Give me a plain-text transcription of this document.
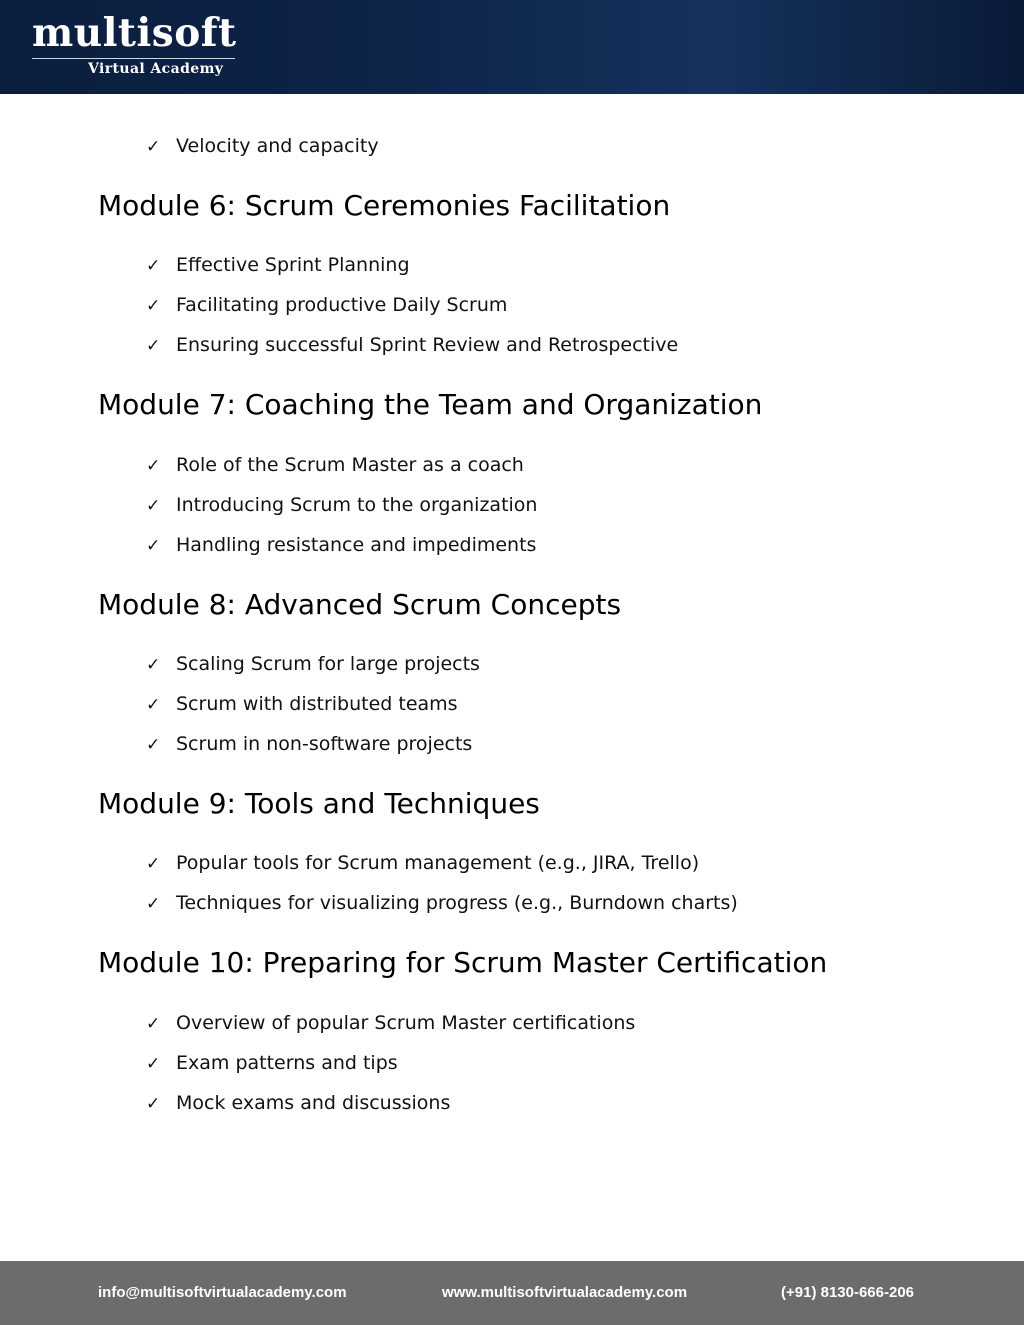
multisoft
Virtual Academy
✓ Velocity and capacity
Module 6: Scrum Ceremonies Facilitation
✓ Effective Sprint Planning
✓ Facilitating productive Daily Scrum
✓ Ensuring successful Sprint Review and Retrospective
Module 7: Coaching the Team and Organization
✓ Role of the Scrum Master as a coach
✓ Introducing Scrum to the organization
✓ Handling resistance and impediments
Module 8: Advanced Scrum Concepts
✓ Scaling Scrum for large projects
✓ Scrum with distributed teams
✓ Scrum in non-software projects
Module 9: Tools and Techniques
✓ Popular tools for Scrum management (e.g., JIRA, Trello)
✓ Techniques for visualizing progress (e.g., Burndown charts)
Module 10: Preparing for Scrum Master Certification
✓ Overview of popular Scrum Master certifications
✓ Exam patterns and tips
✓ Mock exams and discussions
info@multisoftvirtualacademy.com	www.multisoftvirtualacademy.com	(+91) 8130-666-206
